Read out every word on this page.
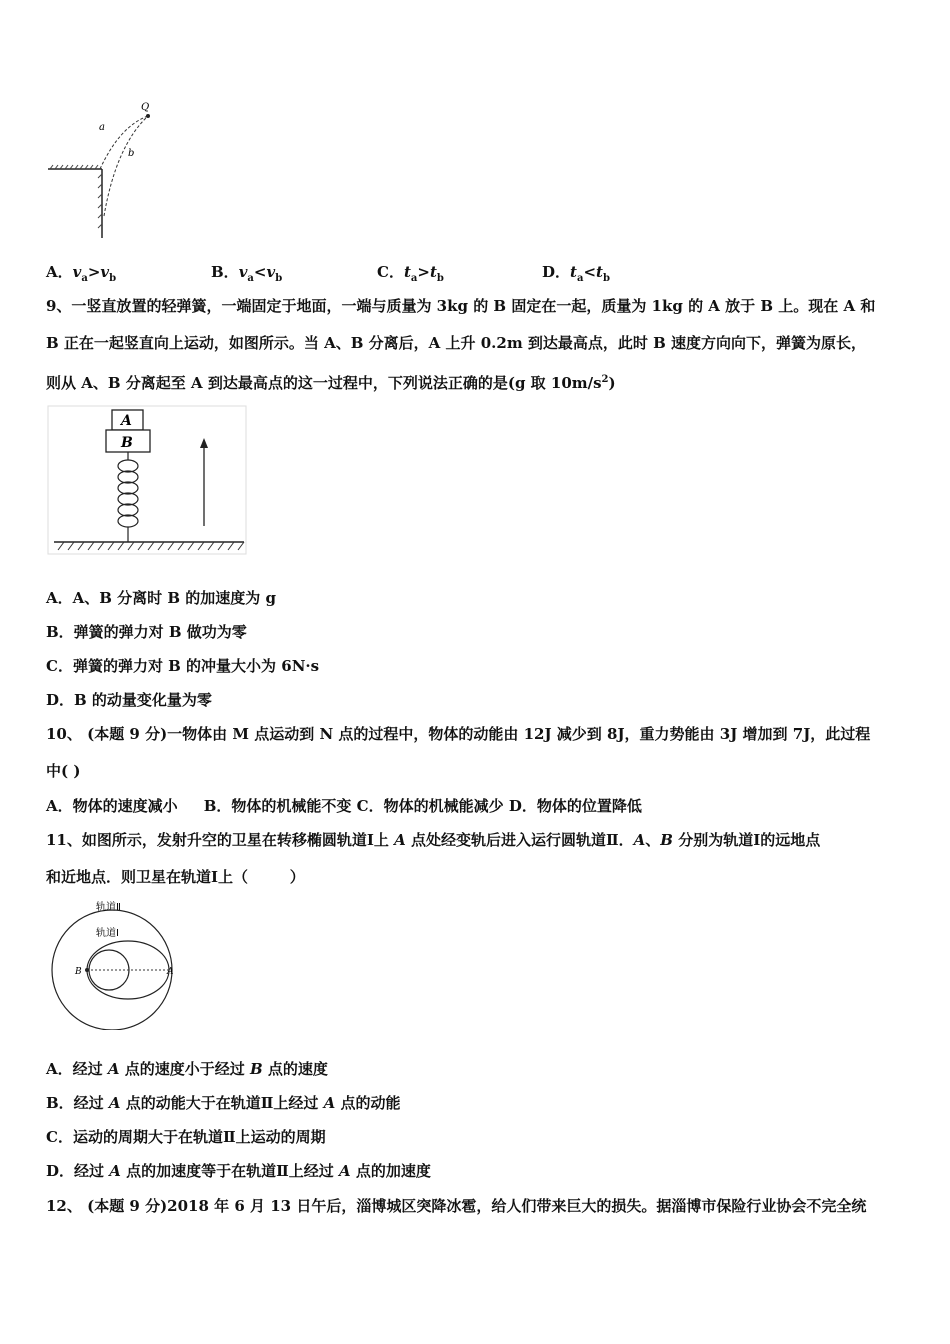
Q
a
b
A．$v_a>v_b$	B．$v_a<v_b$	C．$t_a>t_b$	D．$t_a<t_b$
9、一竖直放置的轻弹簧，一端固定于地面，一端与质量为 3kg 的 B 固定在一起，质量为 1kg 的 A 放于 B 上。现在 A 和
B 正在一起竖直向上运动，如图所示。当 A、B 分离后，A 上升 0.2m 到达最高点，此时 B 速度方向向下，弹簧为原长，
则从 A、B 分离起至 A 到达最高点的这一过程中，下列说法正确的是(g 取 $10m/s^2$)
A
B
A．A、B 分离时 B 的加速度为 g
B．弹簧的弹力对 B 做功为零
C．弹簧的弹力对 B 的冲量大小为 6N·s
D．B 的动量变化量为零
10、 (本题 9 分)一物体由 M 点运动到 N 点的过程中，物体的动能由 12J 减少到 8J，重力势能由 3J 增加到 7J，此过程
中( )
A．物体的速度减小     B．物体的机械能不变 C．物体的机械能减少 D．物体的位置降低
11、如图所示，发射升空的卫星在转移椭圆轨道Ⅰ上 A 点处经变轨后进入运行圆轨道Ⅱ．A、B 分别为轨道Ⅰ的远地点
和近地点．则卫星在轨道Ⅰ上（        ）
轨道Ⅱ
轨道Ⅰ
B	A
A．经过 A 点的速度小于经过 B 点的速度
B．经过 A 点的动能大于在轨道Ⅱ上经过 A 点的动能
C．运动的周期大于在轨道Ⅱ上运动的周期
D．经过 A 点的加速度等于在轨道Ⅱ上经过 A 点的加速度
12、 (本题 9 分)2018 年 6 月 13 日午后，淄博城区突降冰雹，给人们带来巨大的损失。据淄博市保险行业协会不完全统
